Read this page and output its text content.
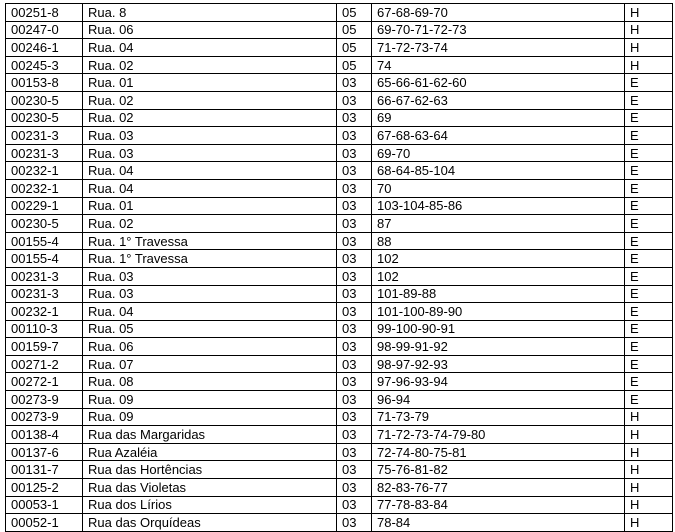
00251-8	Rua. 8	05	67-68-69-70	H
00247-0	Rua. 06	05	69-70-71-72-73	H
00246-1	Rua. 04	05	71-72-73-74	H
00245-3	Rua. 02	05	74	H
00153-8	Rua. 01	03	65-66-61-62-60	E
00230-5	Rua. 02	03	66-67-62-63	E
00230-5	Rua. 02	03	69	E
00231-3	Rua. 03	03	67-68-63-64	E
00231-3	Rua. 03	03	69-70	E
00232-1	Rua. 04	03	68-64-85-104	E
00232-1	Rua. 04	03	70	E
00229-1	Rua. 01	03	103-104-85-86	E
00230-5	Rua. 02	03	87	E
00155-4	Rua. 1° Travessa	03	88	E
00155-4	Rua. 1° Travessa	03	102	E
00231-3	Rua. 03	03	102	E
00231-3	Rua. 03	03	101-89-88	E
00232-1	Rua. 04	03	101-100-89-90	E
00110-3	Rua. 05	03	99-100-90-91	E
00159-7	Rua. 06	03	98-99-91-92	E
00271-2	Rua. 07	03	98-97-92-93	E
00272-1	Rua. 08	03	97-96-93-94	E
00273-9	Rua. 09	03	96-94	E
00273-9	Rua. 09	03	71-73-79	H
00138-4	Rua das Margaridas	03	71-72-73-74-79-80	H
00137-6	Rua Azaléia	03	72-74-80-75-81	H
00131-7	Rua das Hortências	03	75-76-81-82	H
00125-2	Rua das Violetas	03	82-83-76-77	H
00053-1	Rua dos Lírios	03	77-78-83-84	H
00052-1	Rua das Orquídeas	03	78-84	H
